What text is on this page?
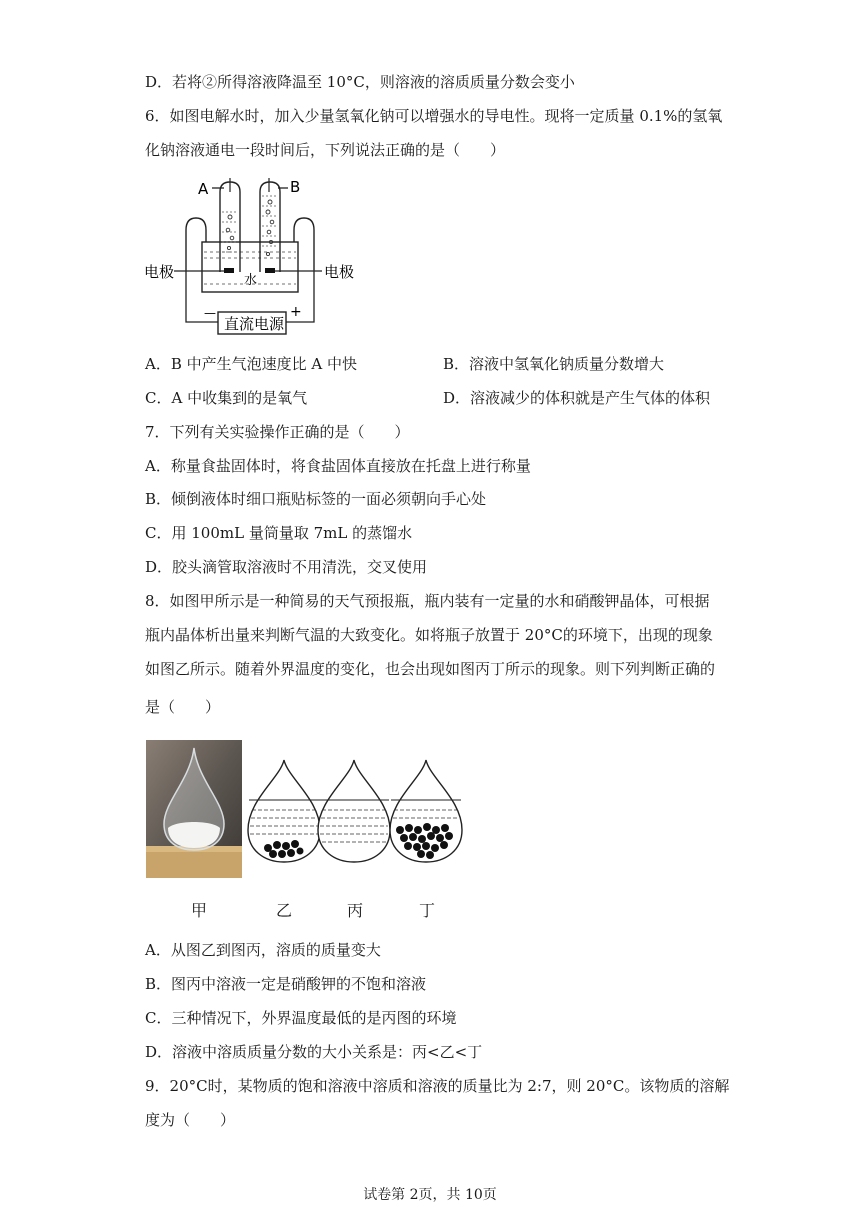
D．若将②所得溶液降温至 10°C，则溶液的溶质质量分数会变小
6．如图电解水时，加入少量氢氧化钠可以增强水的导电性。现将一定质量 0.1%的氢氧
化钠溶液通电一段时间后，下列说法正确的是（　　）
A	B
水
电极	电极
直流电源
—	+
A．B 中产生气泡速度比 A 中快	B．溶液中氢氧化钠质量分数增大
C．A 中收集到的是氧气	D．溶液减少的体积就是产生气体的体积
7．下列有关实验操作正确的是（　　）
A．称量食盐固体时，将食盐固体直接放在托盘上进行称量
B．倾倒液体时细口瓶贴标签的一面必须朝向手心处
C．用 100mL 量筒量取 7mL 的蒸馏水
D．胶头滴管取溶液时不用清洗，交叉使用
8．如图甲所示是一种简易的天气预报瓶，瓶内装有一定量的水和硝酸钾晶体，可根据
瓶内晶体析出量来判断气温的大致变化。如将瓶子放置于 20°C的环境下，出现的现象
如图乙所示。随着外界温度的变化，也会出现如图丙丁所示的现象。则下列判断正确的
是（　　）
甲	乙	丙	丁
A．从图乙到图丙，溶质的质量变大
B．图丙中溶液一定是硝酸钾的不饱和溶液
C．三种情况下，外界温度最低的是丙图的环境
D．溶液中溶质质量分数的大小关系是：丙<乙<丁
9．20°C时，某物质的饱和溶液中溶质和溶液的质量比为 2:7，则 20°C。该物质的溶解
度为（　　）
试卷第 2页，共 10页
